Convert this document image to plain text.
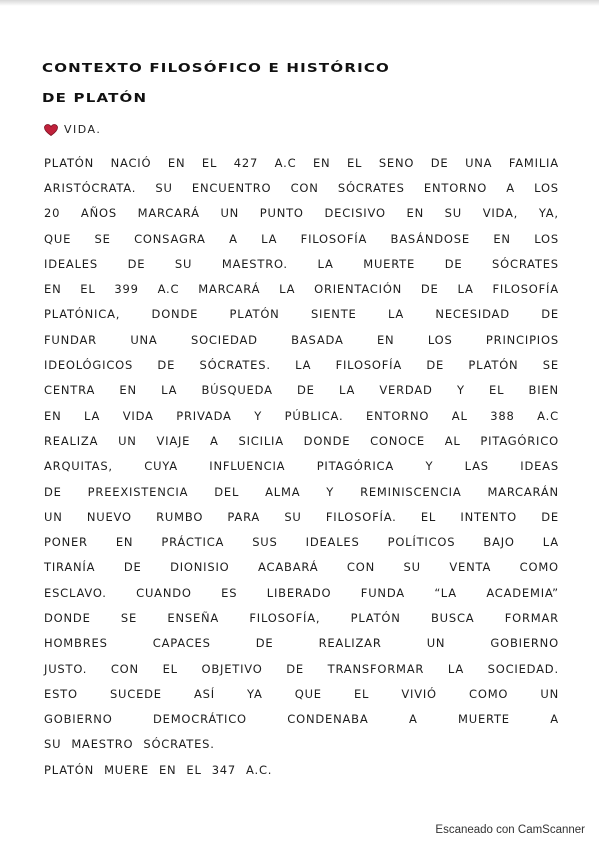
CONTEXTO FILOSÓFICO E HISTÓRICO
DE PLATÓN
VIDA.
PLATÓN NACIÓ EN EL 427 A.C EN EL SENO DE UNA FAMILIA
ARISTÓCRATA. SU ENCUENTRO CON SÓCRATES ENTORNO A LOS
20 AÑOS MARCARÁ UN PUNTO DECISIVO EN SU VIDA, YA,
QUE SE CONSAGRA A LA FILOSOFÍA BASÁNDOSE EN LOS
IDEALES	DE	SU	MAESTRO.	LA	MUERTE	DE	SÓCRATES
EN EL 399 A.C MARCARÁ LA ORIENTACIÓN DE LA FILOSOFÍA
PLATÓNICA,	DONDE	PLATÓN	SIENTE	LA	NECESIDAD	DE
FUNDAR	UNA	SOCIEDAD	BASADA	EN	LOS	PRINCIPIOS
IDEOLÓGICOS DE SÓCRATES. LA FILOSOFÍA DE PLATÓN SE
CENTRA EN LA BÚSQUEDA DE LA VERDAD Y EL BIEN
EN LA VIDA PRIVADA Y PÚBLICA. ENTORNO AL 388 A.C
REALIZA UN VIAJE A SICILIA DONDE CONOCE AL PITAGÓRICO
ARQUITAS,	CUYA	INFLUENCIA	PITAGÓRICA	Y	LAS	IDEAS
DE PREEXISTENCIA DEL ALMA Y REMINISCENCIA MARCARÁN
UN NUEVO RUMBO PARA SU FILOSOFÍA. EL INTENTO DE
PONER EN PRÁCTICA SUS IDEALES POLÍTICOS BAJO LA
TIRANÍA DE DIONISIO ACABARÁ CON SU VENTA COMO
ESCLAVO.	CUANDO	ES	LIBERADO	FUNDA	“LA	ACADEMIA”
DONDE	SE	ENSEÑA	FILOSOFÍA,	PLATÓN	BUSCA	FORMAR
HOMBRES	CAPACES	DE	REALIZAR	UN	GOBIERNO
JUSTO. CON EL OBJETIVO DE TRANSFORMAR LA SOCIEDAD.
ESTO	SUCEDE	ASÍ	YA	QUE	EL	VIVIÓ	COMO	UN
GOBIERNO	DEMOCRÁTICO	CONDENABA	A	MUERTE	A
SU MAESTRO SÓCRATES.
PLATÓN MUERE EN EL 347 A.C.
Escaneado con CamScanner
